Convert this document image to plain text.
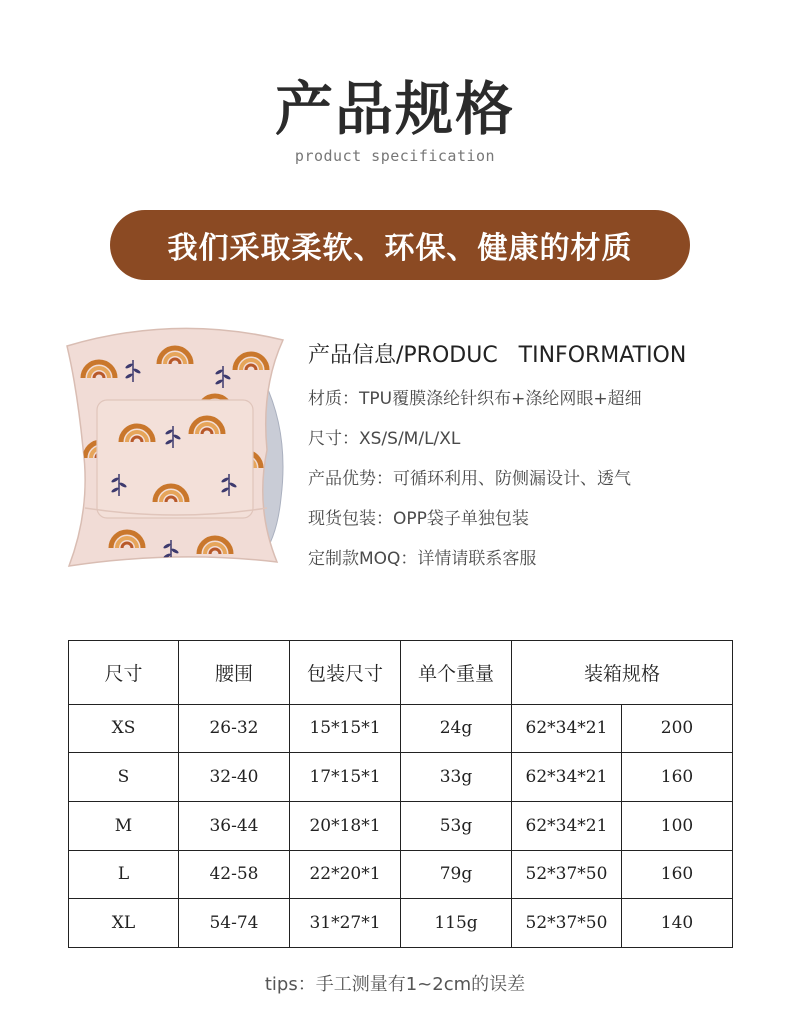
产品规格
product specification
我们采取柔软、环保、健康的材质
产品信息/PRODUC   TINFORMATION
材质：TPU覆膜涤纶针织布+涤纶网眼+超细
尺寸：XS/S/M/L/XL
产品优势：可循环利用、防侧漏设计、透气
现货包装：OPP袋子单独包装
定制款MOQ：详情请联系客服
尺寸	腰围	包装尺寸	单个重量	装箱规格	
XS	26-32	15*15*1	24g	62*34*21	200
S	32-40	17*15*1	33g	62*34*21	160
M	36-44	20*18*1	53g	62*34*21	100
L	42-58	22*20*1	79g	52*37*50	160
XL	54-74	31*27*1	115g	52*37*50	140
tips：手工测量有1~2cm的误差
